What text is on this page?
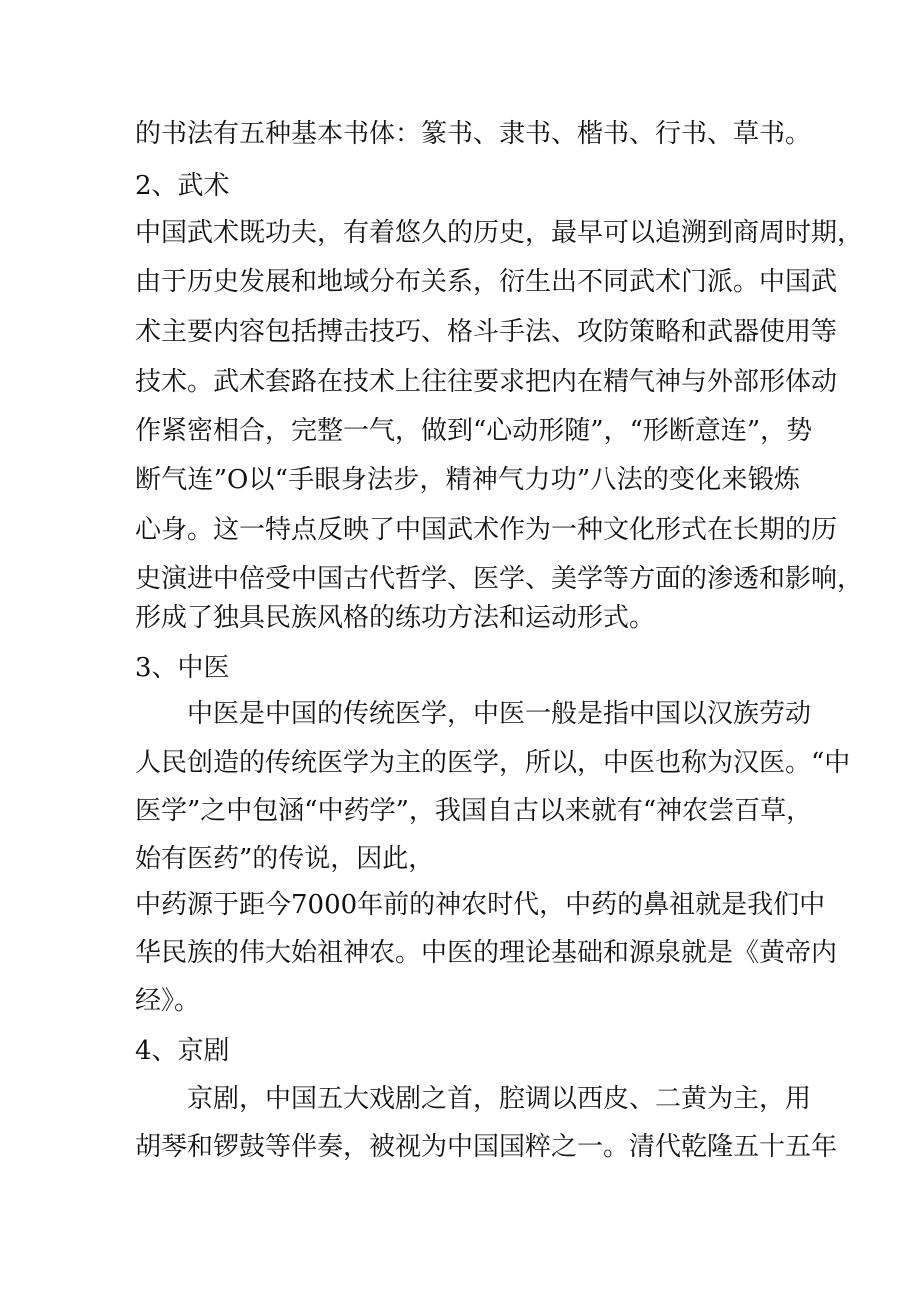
的书法有五种基本书体：篆书、隶书、楷书、行书、草书。
2、武术
中国武术既功夫，有着悠久的历史，最早可以追溯到商周时期，
由于历史发展和地域分布关系，衍生出不同武术门派。中国武
术主要内容包括搏击技巧、格斗手法、攻防策略和武器使用等
技术。武术套路在技术上往往要求把内在精气神与外部形体动
作紧密相合，完整一气，做到“心动形随”，“形断意连”，势
断气连”O以“手眼身法步，精神气力功”八法的变化来锻炼
心身。这一特点反映了中国武术作为一种文化形式在长期的历
史演进中倍受中国古代哲学、医学、美学等方面的渗透和影响，
形成了独具民族风格的练功方法和运动形式。
3、中医
中医是中国的传统医学，中医一般是指中国以汉族劳动
人民创造的传统医学为主的医学，所以，中医也称为汉医。“中
医学”之中包涵“中药学”，我国自古以来就有“神农尝百草，
始有医药”的传说，因此，
中药源于距今7000年前的神农时代，中药的鼻祖就是我们中
华民族的伟大始祖神农。中医的理论基础和源泉就是《黄帝内
经》。
4、京剧
京剧，中国五大戏剧之首，腔调以西皮、二黄为主，用
胡琴和锣鼓等伴奏，被视为中国国粹之一。清代乾隆五十五年
